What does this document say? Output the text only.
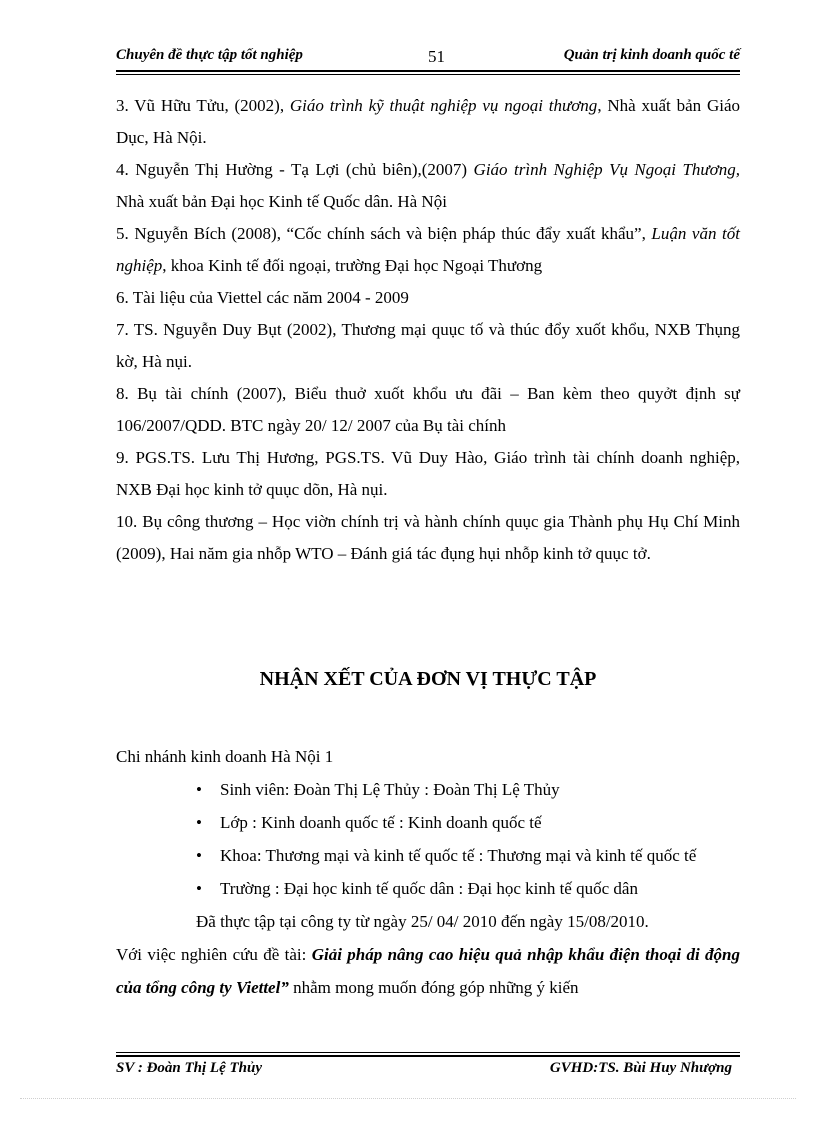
Chuyên đề thực tập tốt nghiệp	51	Quản trị kinh doanh quốc tế

3. Vũ Hữu Tửu, (2002), Giáo trình kỹ thuật nghiệp vụ ngoại thương, Nhà xuất bản Giáo Dục, Hà Nội.

4. Nguyễn Thị Hường - Tạ Lợi (chủ biên),(2007) Giáo trình Nghiệp Vụ Ngoại Thương, Nhà xuất bản Đại học Kinh tế Quốc dân. Hà Nội

5. Nguyễn Bích (2008), “Cốc chính sách và biện pháp thúc đẩy xuất khẩu”, Luận văn tốt nghiệp, khoa Kinh tế đối ngoại, trường Đại học Ngoại Thương

6. Tài liệu của Viettel các năm 2004 - 2009

7. TS. Nguyễn Duy Bụt (2002), Thương mại quục tố và thúc đổy xuốt khổu, NXB Thụng kờ, Hà nụi.

8. Bụ tài chính (2007), Biểu thuở xuốt khổu ưu đãi – Ban kèm theo quyởt định sự 106/2007/QDD. BTC ngày 20/ 12/ 2007 của Bụ tài chính

9. PGS.TS. Lưu Thị Hương, PGS.TS. Vũ Duy Hào, Giáo trình tài chính doanh nghiệp, NXB Đại học kinh tở quục dõn, Hà nụi.

10. Bụ công thương – Học viờn chính trị và hành chính quục gia Thành phụ Hụ Chí Minh (2009), Hai năm gia nhỗp WTO – Đánh giá tác đụng hụi nhỗp kinh tở quục tở.

NHẬN XẾT CỦA ĐƠN VỊ THỰC TẬP

Chi nhánh kinh doanh Hà Nội 1

• Sinh viên: Đoàn Thị Lệ Thủy : Đoàn Thị Lệ Thủy
• Lớp : Kinh doanh quốc tế : Kinh doanh quốc tế
• Khoa: Thương mại và kinh tế quốc tế : Thương mại và kinh tế quốc tế
• Trường : Đại học kinh tế quốc dân : Đại học kinh tế quốc dân

Đã thực tập tại công ty từ ngày 25/ 04/ 2010 đến ngày 15/08/2010.

Với việc nghiên cứu đề tài: Giải pháp nâng cao hiệu quả nhập khẩu điện thoại di động của tổng công ty Viettel” nhằm mong muốn đóng góp những ý kiến

SV : Đoàn Thị Lệ Thủy	GVHD:TS. Bùi Huy Nhượng
